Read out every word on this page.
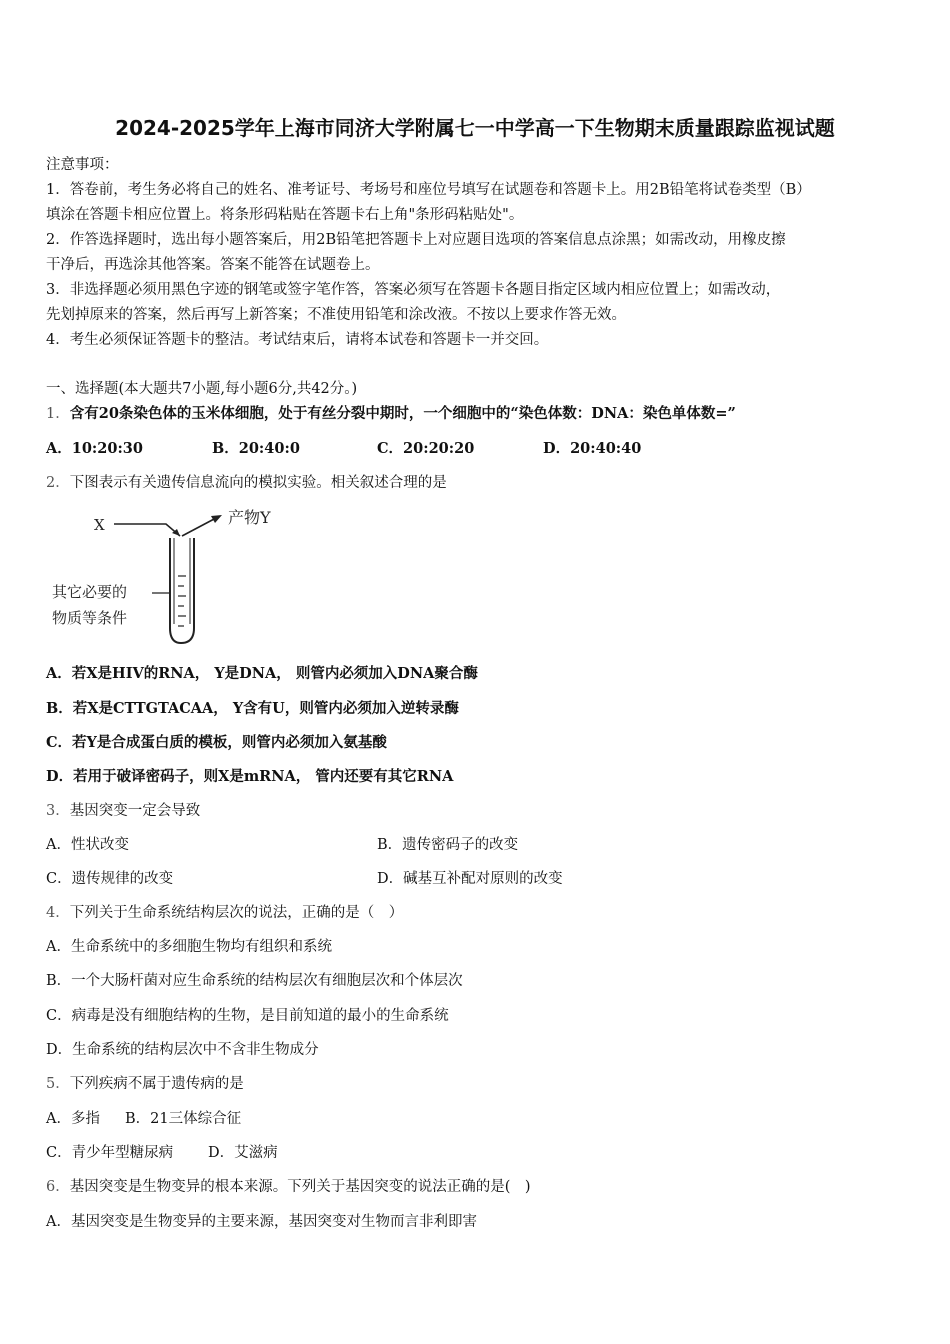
2024-2025学年上海市同济大学附属七一中学高一下生物期末质量跟踪监视试题
注意事项：
1．答卷前，考生务必将自己的姓名、准考证号、考场号和座位号填写在试题卷和答题卡上。用2B铅笔将试卷类型（B）
填涂在答题卡相应位置上。将条形码粘贴在答题卡右上角"条形码粘贴处"。
2．作答选择题时，选出每小题答案后，用2B铅笔把答题卡上对应题目选项的答案信息点涂黑；如需改动，用橡皮擦
干净后，再选涂其他答案。答案不能答在试题卷上。
3．非选择题必须用黑色字迹的钢笔或签字笔作答，答案必须写在答题卡各题目指定区域内相应位置上；如需改动，
先划掉原来的答案，然后再写上新答案；不准使用铅笔和涂改液。不按以上要求作答无效。
4．考生必须保证答题卡的整洁。考试结束后，请将本试卷和答题卡一并交回。
一、选择题(本大题共7小题,每小题6分,共42分。)
1．含有20条染色体的玉米体细胞，处于有丝分裂中期时，一个细胞中的“染色体数：DNA：染色单体数=”
A．10:20:30	B．20:40:0	C．20:20:20	D．20:40:40
2．下图表示有关遗传信息流向的模拟实验。相关叙述合理的是
X	产物Y
其它必要的
物质等条件
A．若X是HIV的RNA， Y是DNA， 则管内必须加入DNA聚合酶
B．若X是CTTGTACAA， Y含有U，则管内必须加入逆转录酶
C．若Y是合成蛋白质的模板，则管内必须加入氨基酸
D．若用于破译密码子，则X是mRNA， 管内还要有其它RNA
3．基因突变一定会导致
A．性状改变	B．遗传密码子的改变
C．遗传规律的改变	D．碱基互补配对原则的改变
4．下列关于生命系统结构层次的说法，正确的是（　）
A．生命系统中的多细胞生物均有组织和系统
B．一个大肠杆菌对应生命系统的结构层次有细胞层次和个体层次
C．病毒是没有细胞结构的生物，是目前知道的最小的生命系统
D．生命系统的结构层次中不含非生物成分
5．下列疾病不属于遗传病的是
A．多指 B．21三体综合征
C．青少年型糖尿病 D．艾滋病
6．基因突变是生物变异的根本来源。下列关于基因突变的说法正确的是(　)
A．基因突变是生物变异的主要来源，基因突变对生物而言非利即害
